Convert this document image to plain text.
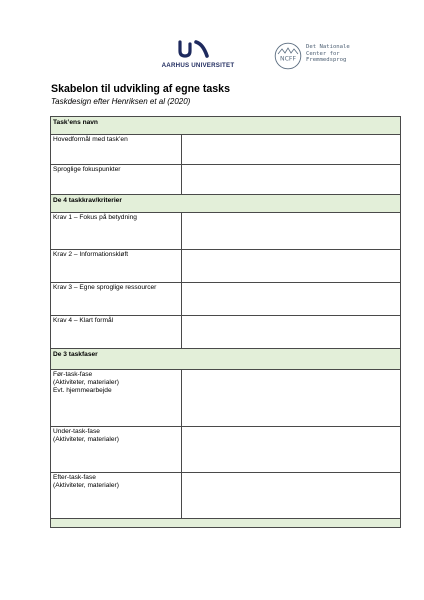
AARHUS UNIVERSITET
NCFF
Det Nationale
Center for
Fremmedsprog
Skabelon til udvikling af egne tasks
Taskdesign efter Henriksen et al (2020)
Task’ens navn	
Hovedformål med task’en	
Sproglige fokuspunkter	
De 4 taskkrav/kriterier	
Krav 1 – Fokus på betydning	
Krav 2 – Informationskløft	
Krav 3 – Egne sproglige ressourcer	
Krav 4 – Klart formål	
De 3 taskfaser	

Før-task-fase
(Aktiviteter, materialer)
Evt. hjemmearbejde	

Under-task-fase
(Aktiviteter, materialer)	

Efter-task-fase
(Aktiviteter, materialer)	
